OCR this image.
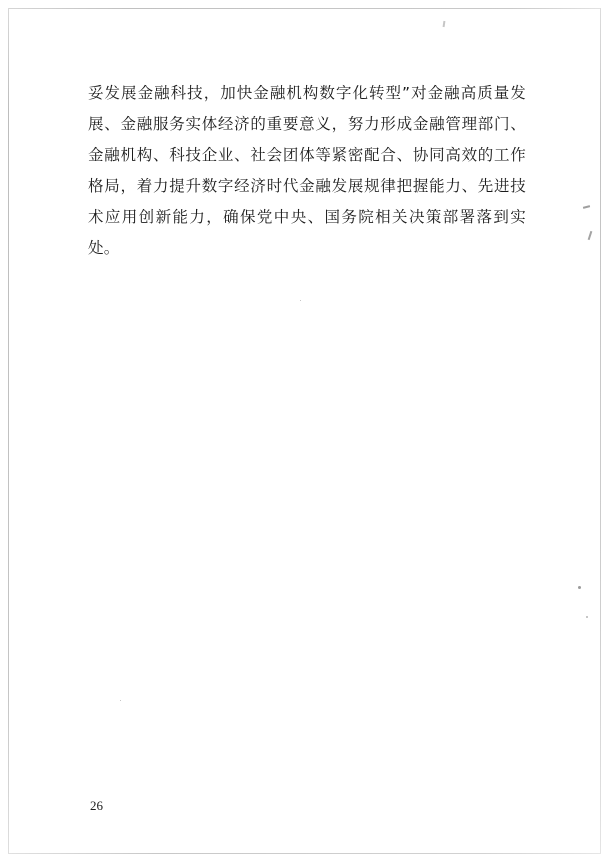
妥发展金融科技，加快金融机构数字化转型”对金融高质量发展、金融服务实体经济的重要意义，努力形成金融管理部门、金融机构、科技企业、社会团体等紧密配合、协同高效的工作格局，着力提升数字经济时代金融发展规律把握能力、先进技术应用创新能力，确保党中央、国务院相关决策部署落到实处。
26
